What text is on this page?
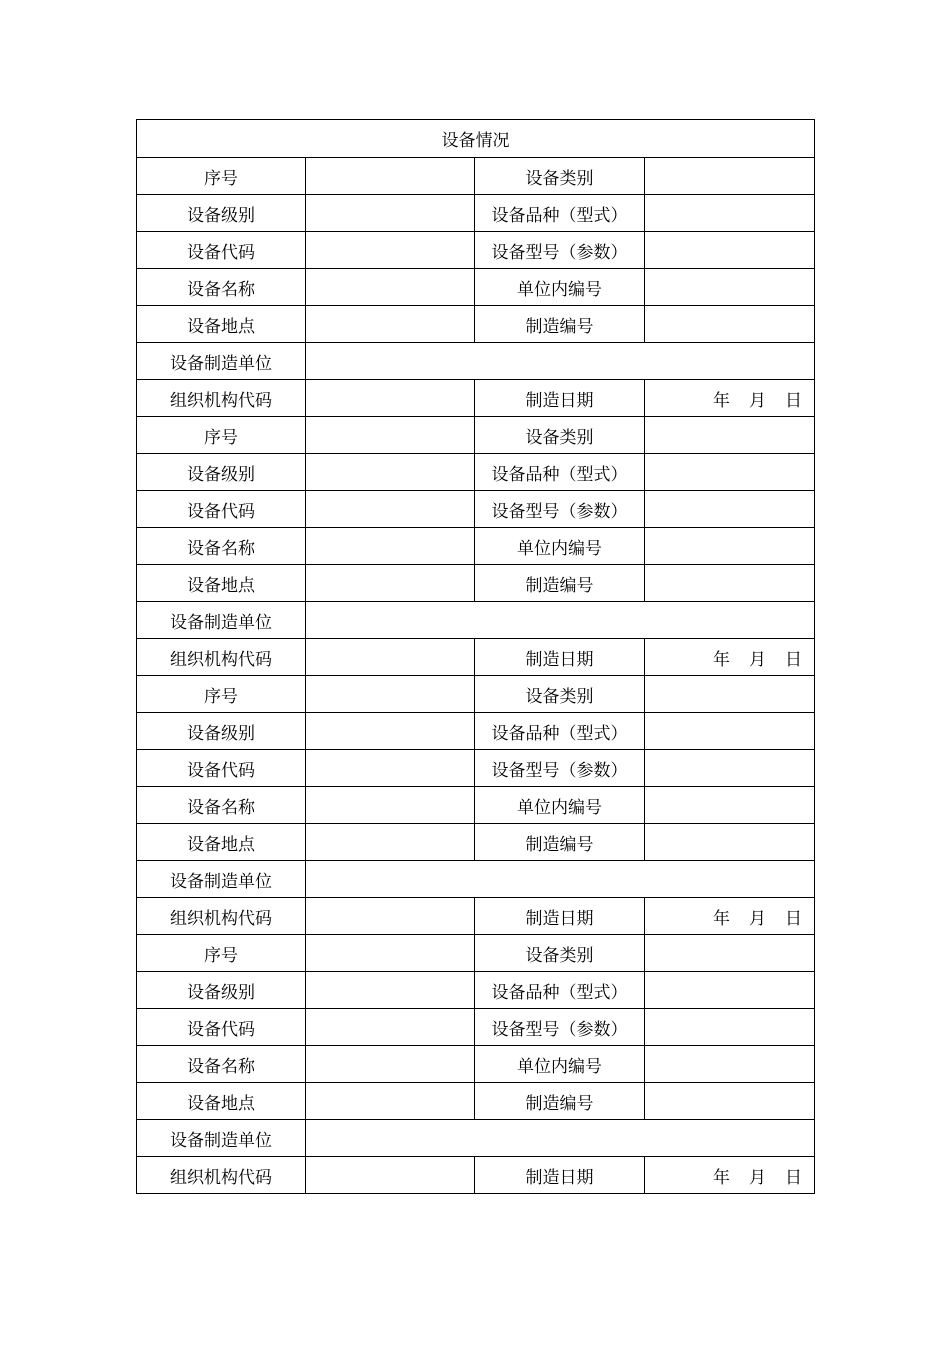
设备情况			
序号		设备类别	
设备级别		设备品种（型式）	
设备代码		设备型号（参数）	
设备名称		单位内编号	
设备地点		制造编号	
设备制造单位			
组织机构代码		制造日期	年 月 日
序号		设备类别	
设备级别		设备品种（型式）	
设备代码		设备型号（参数）	
设备名称		单位内编号	
设备地点		制造编号	
设备制造单位			
组织机构代码		制造日期	年 月 日
序号		设备类别	
设备级别		设备品种（型式）	
设备代码		设备型号（参数）	
设备名称		单位内编号	
设备地点		制造编号	
设备制造单位			
组织机构代码		制造日期	年 月 日
序号		设备类别	
设备级别		设备品种（型式）	
设备代码		设备型号（参数）	
设备名称		单位内编号	
设备地点		制造编号	
设备制造单位			
组织机构代码		制造日期	年 月 日
